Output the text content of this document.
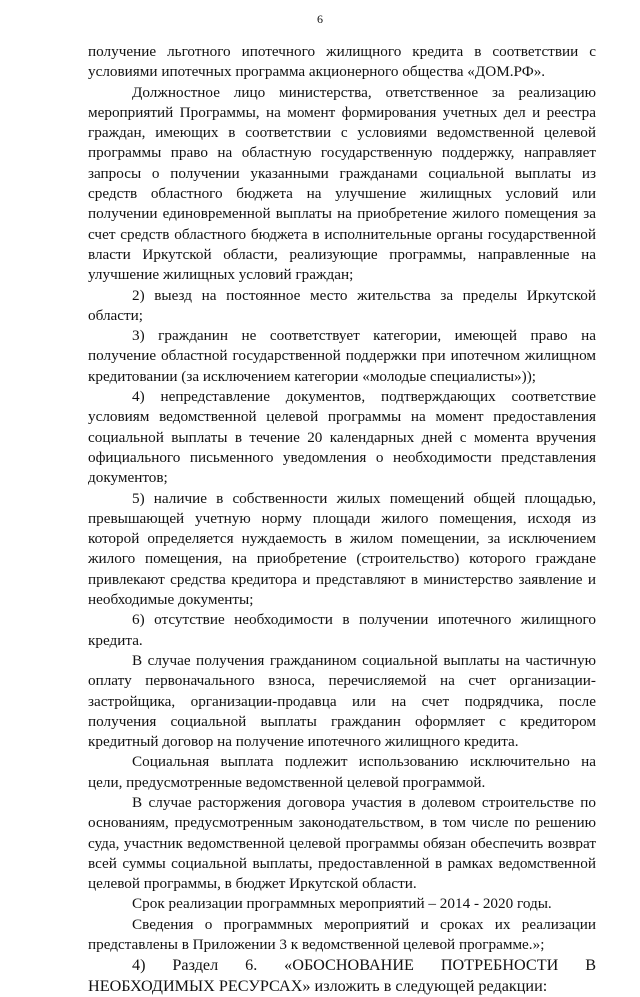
6

получение льготного ипотечного жилищного кредита в соответствии с условиями ипотечных программа акционерного общества «ДОМ.РФ».

Должностное лицо министерства, ответственное за реализацию мероприятий Программы, на момент формирования учетных дел и реестра граждан, имеющих в соответствии с условиями ведомственной целевой программы право на областную государственную поддержку, направляет запросы о получении указанными гражданами социальной выплаты из средств областного бюджета на улучшение жилищных условий или получении единовременной выплаты на приобретение жилого помещения за счет средств областного бюджета в исполнительные органы государственной власти Иркутской области, реализующие программы, направленные на улучшение жилищных условий граждан;

2) выезд на постоянное место жительства за пределы Иркутской области;

3) гражданин не соответствует категории, имеющей право на получение областной государственной поддержки при ипотечном жилищном кредитовании (за исключением категории «молодые специалисты»));

4) непредставление документов, подтверждающих соответствие условиям ведомственной целевой программы на момент предоставления социальной выплаты в течение 20 календарных дней с момента вручения официального письменного уведомления о необходимости представления документов;

5) наличие в собственности жилых помещений общей площадью, превышающей учетную норму площади жилого помещения, исходя из которой определяется нуждаемость в жилом помещении, за исключением жилого помещения, на приобретение (строительство) которого граждане привлекают средства кредитора и представляют в министерство заявление и необходимые документы;

6) отсутствие необходимости в получении ипотечного жилищного кредита.

В случае получения гражданином социальной выплаты на частичную оплату первоначального взноса, перечисляемой на счет организации-застройщика, организации-продавца или на счет подрядчика, после получения социальной выплаты гражданин оформляет с кредитором кредитный договор на получение ипотечного жилищного кредита.

Социальная выплата подлежит использованию исключительно на цели, предусмотренные ведомственной целевой программой.

В случае расторжения договора участия в долевом строительстве по основаниям, предусмотренным законодательством, в том числе по решению суда, участник ведомственной целевой программы обязан обеспечить возврат всей суммы социальной выплаты, предоставленной в рамках ведомственной целевой программы, в бюджет Иркутской области.

Срок реализации программных мероприятий – 2014 - 2020 годы.

Сведения о программных мероприятий и сроках их реализации представлены в Приложении 3 к ведомственной целевой программе.»;

4) Раздел 6. «ОБОСНОВАНИЕ ПОТРЕБНОСТИ В НЕОБХОДИМЫХ РЕСУРСАХ» изложить в следующей редакции:
